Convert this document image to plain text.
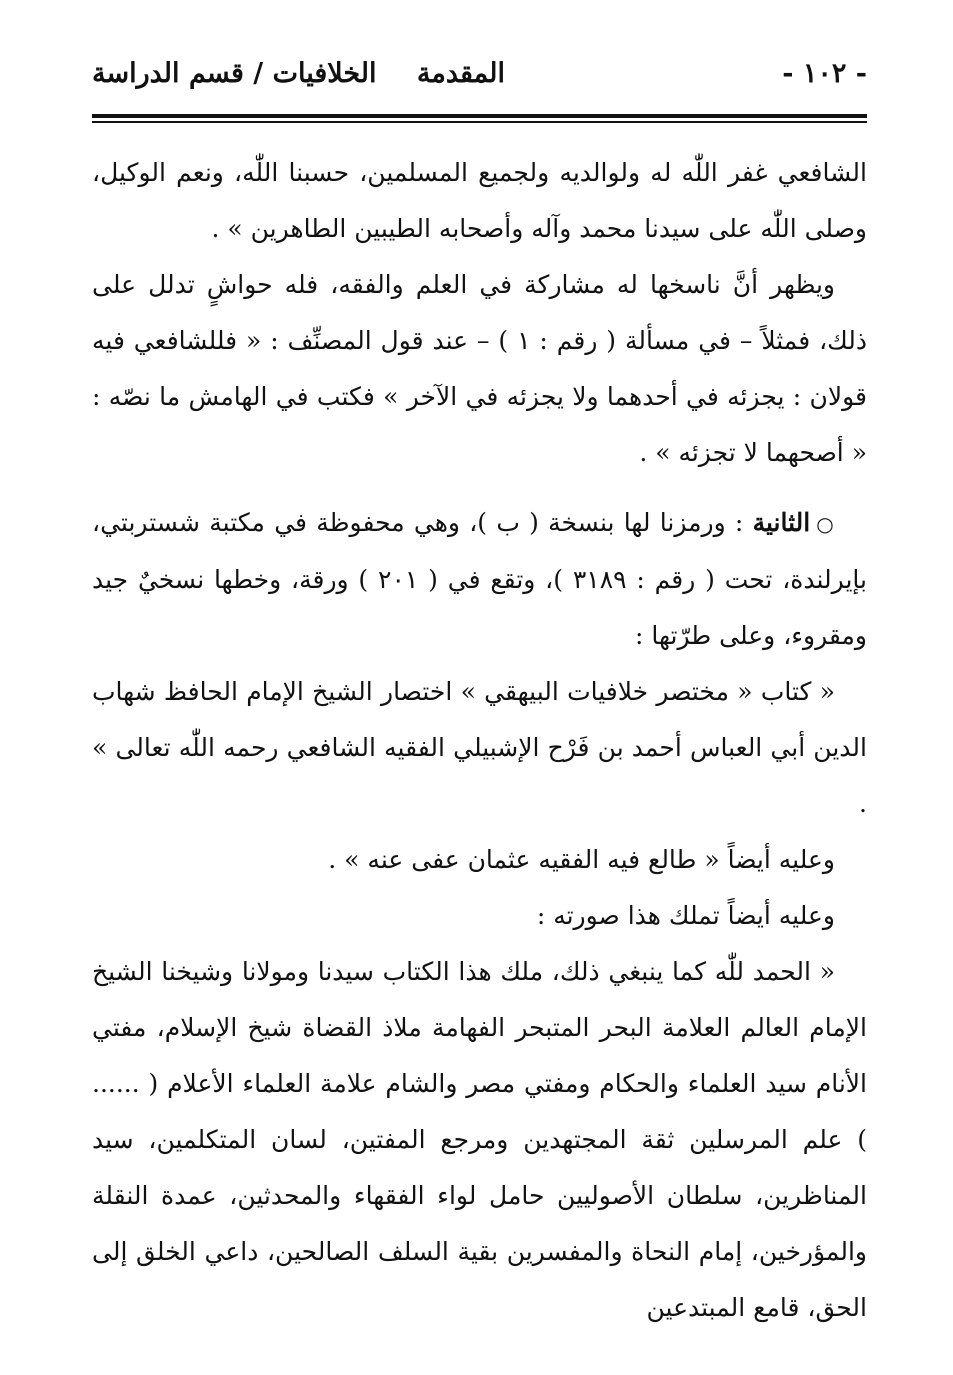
- ١٠٢ -
المقدمة
الخلافيات / قسم الدراسة

الشافعي غفر اللّٰه له ولوالديه ولجميع المسلمين، حسبنا اللّٰه، ونعم الوكيل، وصلى اللّٰه على سيدنا محمد وآله وأصحابه الطيبين الطاهرين » .

ويظهر أنَّ ناسخها له مشاركة في العلم والفقه، فله حواشٍ تدلل على ذلك، فمثلاً – في مسألة ( رقم : ١ ) – عند قول المصنِّف : « فللشافعي فيه قولان : يجزئه في أحدهما ولا يجزئه في الآخر » فكتب في الهامش ما نصّه : « أصحهما لا تجزئه » .

○الثانية : ورمزنا لها بنسخة ( ب )، وهي محفوظة في مكتبة شستربتي، بإيرلندة، تحت ( رقم : ٣١٨٩ )، وتقع في ( ٢٠١ ) ورقة، وخطها نسخيٌ جيد ومقروء، وعلى طرّتها :

« كتاب « مختصر خلافيات البيهقي » اختصار الشيخ الإمام الحافظ شهاب الدين أبي العباس أحمد بن فَرْح الإشبيلي الفقيه الشافعي رحمه اللّٰه تعالى » .

وعليه أيضاً « طالع فيه الفقيه عثمان عفى عنه » .

وعليه أيضاً تملك هذا صورته :

« الحمد للّٰه كما ينبغي ذلك، ملك هذا الكتاب سيدنا ومولانا وشيخنا الشيخ الإمام العالم العلامة البحر المتبحر الفهامة ملاذ القضاة شيخ الإسلام، مفتي الأنام سيد العلماء والحكام ومفتي مصر والشام علامة العلماء الأعلام ( ...... ) علم المرسلين ثقة المجتهدين ومرجع المفتين، لسان المتكلمين، سيد المناظرين، سلطان الأصوليين حامل لواء الفقهاء والمحدثين، عمدة النقلة والمؤرخين، إمام النحاة والمفسرين بقية السلف الصالحين، داعي الخلق إلى الحق، قامع المبتدعين
